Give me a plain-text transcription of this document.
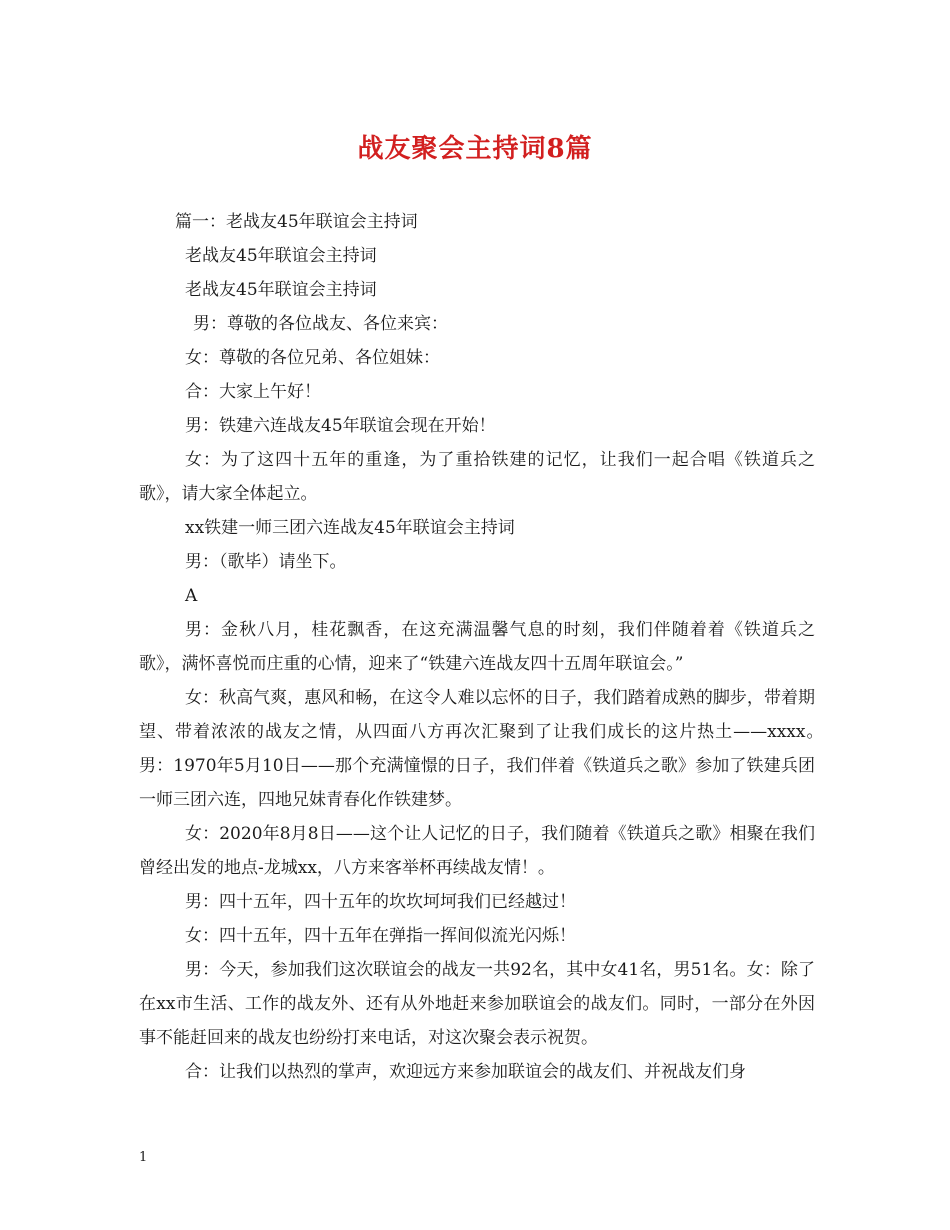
战友聚会主持词8篇

篇一：老战友45年联谊会主持词

老战友45年联谊会主持词

老战友45年联谊会主持词

男：尊敬的各位战友、各位来宾：

女：尊敬的各位兄弟、各位姐妹：

合：大家上午好！

男：铁建六连战友45年联谊会现在开始！

女：为了这四十五年的重逢，为了重拾铁建的记忆，让我们一起合唱《铁道兵之歌》，请大家全体起立。

xx铁建一师三团六连战友45年联谊会主持词

男：（歌毕）请坐下。

A

男：金秋八月，桂花飘香，在这充满温馨气息的时刻，我们伴随着着《铁道兵之歌》，满怀喜悦而庄重的心情，迎来了“铁建六连战友四十五周年联谊会。”

女：秋高气爽，惠风和畅，在这令人难以忘怀的日子，我们踏着成熟的脚步，带着期望、带着浓浓的战友之情，从四面八方再次汇聚到了让我们成长的这片热土——xxxx。　男：1970年5月10日——那个充满憧憬的日子，我们伴着《铁道兵之歌》参加了铁建兵团一师三团六连，四地兄妹青春化作铁建梦。

女：2020年8月8日——这个让人记忆的日子，我们随着《铁道兵之歌》相聚在我们曾经出发的地点-龙城xx，八方来客举杯再续战友情！。

男：四十五年，四十五年的坎坎坷坷我们已经越过！

女：四十五年，四十五年在弹指一挥间似流光闪烁！

男：今天，参加我们这次联谊会的战友一共92名，其中女41名，男51名。女：除了在xx市生活、工作的战友外、还有从外地赶来参加联谊会的战友们。同时，一部分在外因事不能赶回来的战友也纷纷打来电话，对这次聚会表示祝贺。

合：让我们以热烈的掌声，欢迎远方来参加联谊会的战友们、并祝战友们身

1
